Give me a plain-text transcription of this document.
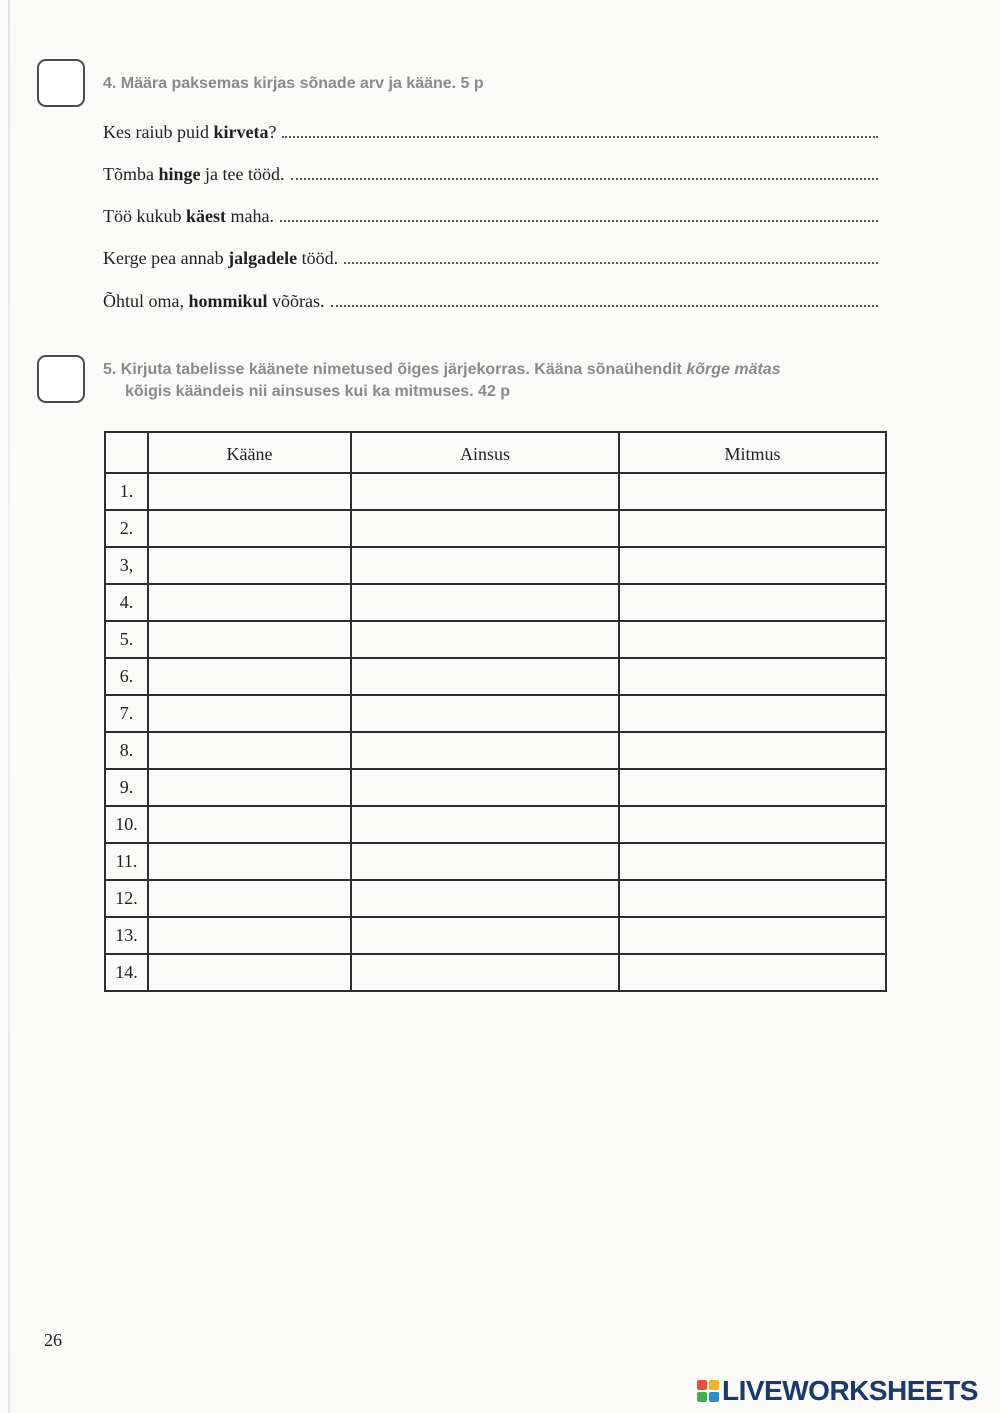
4. Määra paksemas kirjas sõnade arv ja kääne. 5 p
Kes raiub puid kirveta?
Tõmba hinge ja tee tööd.
Töö kukub käest maha.
Kerge pea annab jalgadele tööd.
Õhtul oma, hommikul võõras.
5. Kirjuta tabelisse käänete nimetused õiges järjekorras. Käänа sõnaühendit kõrge mätas
kõigis käändeis nii ainsuses kui ka mitmuses. 42 p
	Kääne	Ainsus	Mitmus
1.			
2.			
3,			
4.			
5.			
6.			
7.			
8.			
9.			
10.			
11.			
12.			
13.			
14.			
26
LIVEWORKSHEETS
